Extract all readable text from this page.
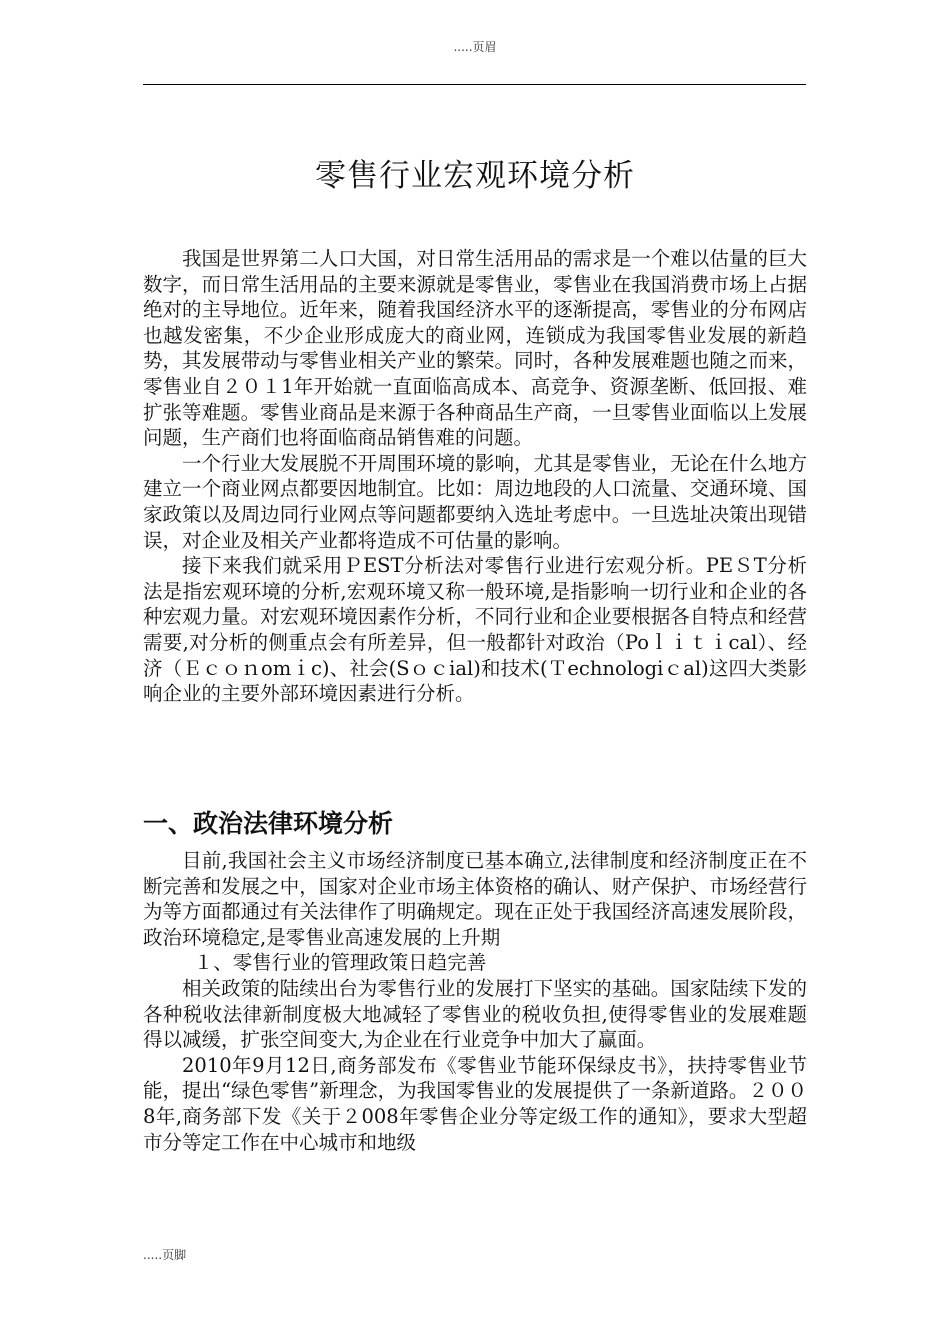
.....页眉
零售行业宏观环境分析

我国是世界第二人口大国，对日常生活用品的需求是一个难以估量的巨大数字，而日常生活用品的主要来源就是零售业，零售业在我国消费市场上占据绝对的主导地位。近年来，随着我国经济水平的逐渐提高，零售业的分布网店也越发密集，不少企业形成庞大的商业网，连锁成为我国零售业发展的新趋势，其发展带动与零售业相关产业的繁荣。同时，各种发展难题也随之而来，零售业自２０１1年开始就一直面临高成本、高竞争、资源垄断、低回报、难扩张等难题。零售业商品是来源于各种商品生产商，一旦零售业面临以上发展问题，生产商们也将面临商品销售难的问题。

一个行业大发展脱不开周围环境的影响，尤其是零售业，无论在什么地方建立一个商业网点都要因地制宜。比如：周边地段的人口流量、交通环境、国家政策以及周边同行业网点等问题都要纳入选址考虑中。一旦选址决策出现错误，对企业及相关产业都将造成不可估量的影响。

接下来我们就采用ＰEST分析法对零售行业进行宏观分析。PEＳT分析法是指宏观环境的分析,宏观环境又称一般环境,是指影响一切行业和企业的各种宏观力量。对宏观环境因素作分析，不同行业和企业要根据各自特点和经营需要,对分析的侧重点会有所差异，但一般都针对政治（Poｌｉｔｉcal）、经济（Ｅｃｏｎomｉc)、社会(Sｏｃial)和技术(Ｔechnologiｃal)这四大类影响企业的主要外部环境因素进行分析。

一、政治法律环境分析

目前,我国社会主义市场经济制度已基本确立,法律制度和经济制度正在不断完善和发展之中，国家对企业市场主体资格的确认、财产保护、市场经营行为等方面都通过有关法律作了明确规定。现在正处于我国经济高速发展阶段，政治环境稳定,是零售业高速发展的上升期

１、零售行业的管理政策日趋完善

相关政策的陆续出台为零售行业的发展打下坚实的基础。国家陆续下发的各种税收法律新制度极大地减轻了零售业的税收负担,使得零售业的发展难题得以减缓，扩张空间变大,为企业在行业竞争中加大了赢面。

2010年9月12日,商务部发布《零售业节能环保绿皮书》，扶持零售业节能，提出“绿色零售”新理念，为我国零售业的发展提供了一条新道路。２００8年,商务部下发《关于２008年零售企业分等定级工作的通知》，要求大型超市分等定工作在中心城市和地级

.....页脚
